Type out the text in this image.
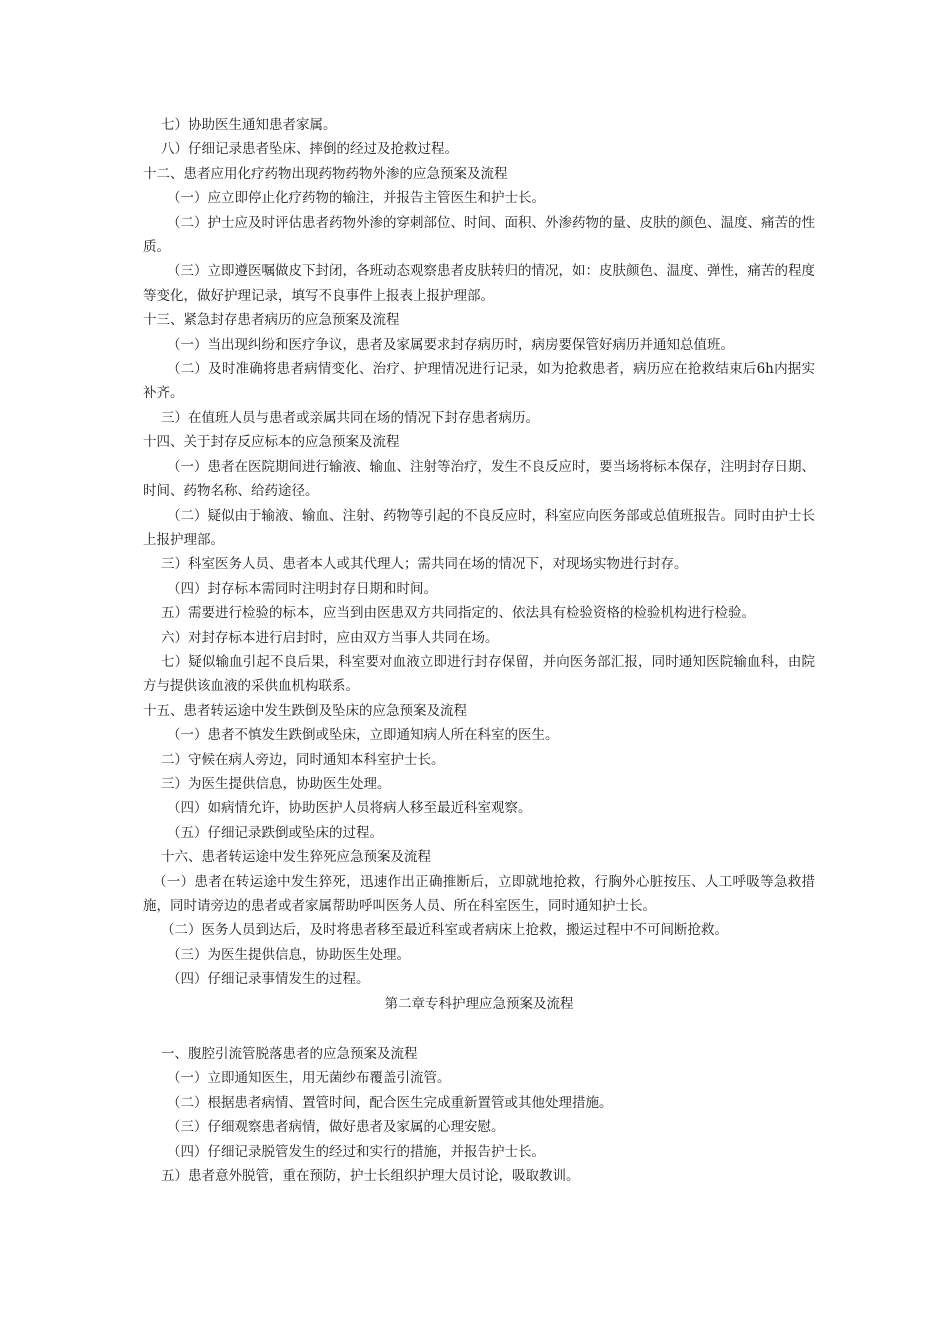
七）协助医生通知患者家属。

八）仔细记录患者坠床、摔倒的经过及抢救过程。

十二、患者应用化疗药物出现药物药物外渗的应急预案及流程

（一）应立即停止化疗药物的输注，并报告主管医生和护士长。

（二）护士应及时评估患者药物外渗的穿刺部位、时间、面积、外渗药物的量、皮肤的颜色、温度、痛苦的性质。

（三）立即遵医嘱做皮下封闭，各班动态观察患者皮肤转归的情况，如：皮肤颜色、温度、弹性，痛苦的程度等变化，做好护理记录，填写不良事件上报表上报护理部。

十三、紧急封存患者病历的应急预案及流程

（一）当出现纠纷和医疗争议，患者及家属要求封存病历时，病房要保管好病历并通知总值班。

（二）及时准确将患者病情变化、治疗、护理情况进行记录，如为抢救患者，病历应在抢救结束后6h内据实补齐。

三）在值班人员与患者或亲属共同在场的情况下封存患者病历。

十四、关于封存反应标本的应急预案及流程

（一）患者在医院期间进行输液、输血、注射等治疗，发生不良反应时，要当场将标本保存，注明封存日期、时间、药物名称、给药途径。

（二）疑似由于输液、输血、注射、药物等引起的不良反应时，科室应向医务部或总值班报告。同时由护士长上报护理部。

三）科室医务人员、患者本人或其代理人；需共同在场的情况下，对现场实物进行封存。

（四）封存标本需同时注明封存日期和时间。

五）需要进行检验的标本，应当到由医患双方共同指定的、依法具有检验资格的检验机构进行检验。

六）对封存标本进行启封时，应由双方当事人共同在场。

七）疑似输血引起不良后果，科室要对血液立即进行封存保留，并向医务部汇报，同时通知医院输血科，由院方与提供该血液的采供血机构联系。

十五、患者转运途中发生跌倒及坠床的应急预案及流程

（一）患者不慎发生跌倒或坠床，立即通知病人所在科室的医生。

二）守候在病人旁边，同时通知本科室护士长。

三）为医生提供信息，协助医生处理。

（四）如病情允许，协助医护人员将病人移至最近科室观察。

（五）仔细记录跌倒或坠床的过程。

十六、患者转运途中发生猝死应急预案及流程

（一）患者在转运途中发生猝死，迅速作出正确推断后，立即就地抢救，行胸外心脏按压、人工呼吸等急救措施，同时请旁边的患者或者家属帮助呼叫医务人员、所在科室医生，同时通知护士长。

（二）医务人员到达后，及时将患者移至最近科室或者病床上抢救，搬运过程中不可间断抢救。

（三）为医生提供信息，协助医生处理。

（四）仔细记录事情发生的过程。

第二章专科护理应急预案及流程

一、腹腔引流管脱落患者的应急预案及流程

（一）立即通知医生，用无菌纱布覆盖引流管。

（二）根据患者病情、置管时间，配合医生完成重新置管或其他处理措施。

（三）仔细观察患者病情，做好患者及家属的心理安慰。

（四）仔细记录脱管发生的经过和实行的措施，并报告护士长。

五）患者意外脱管，重在预防，护士长组织护理大员讨论，吸取教训。
